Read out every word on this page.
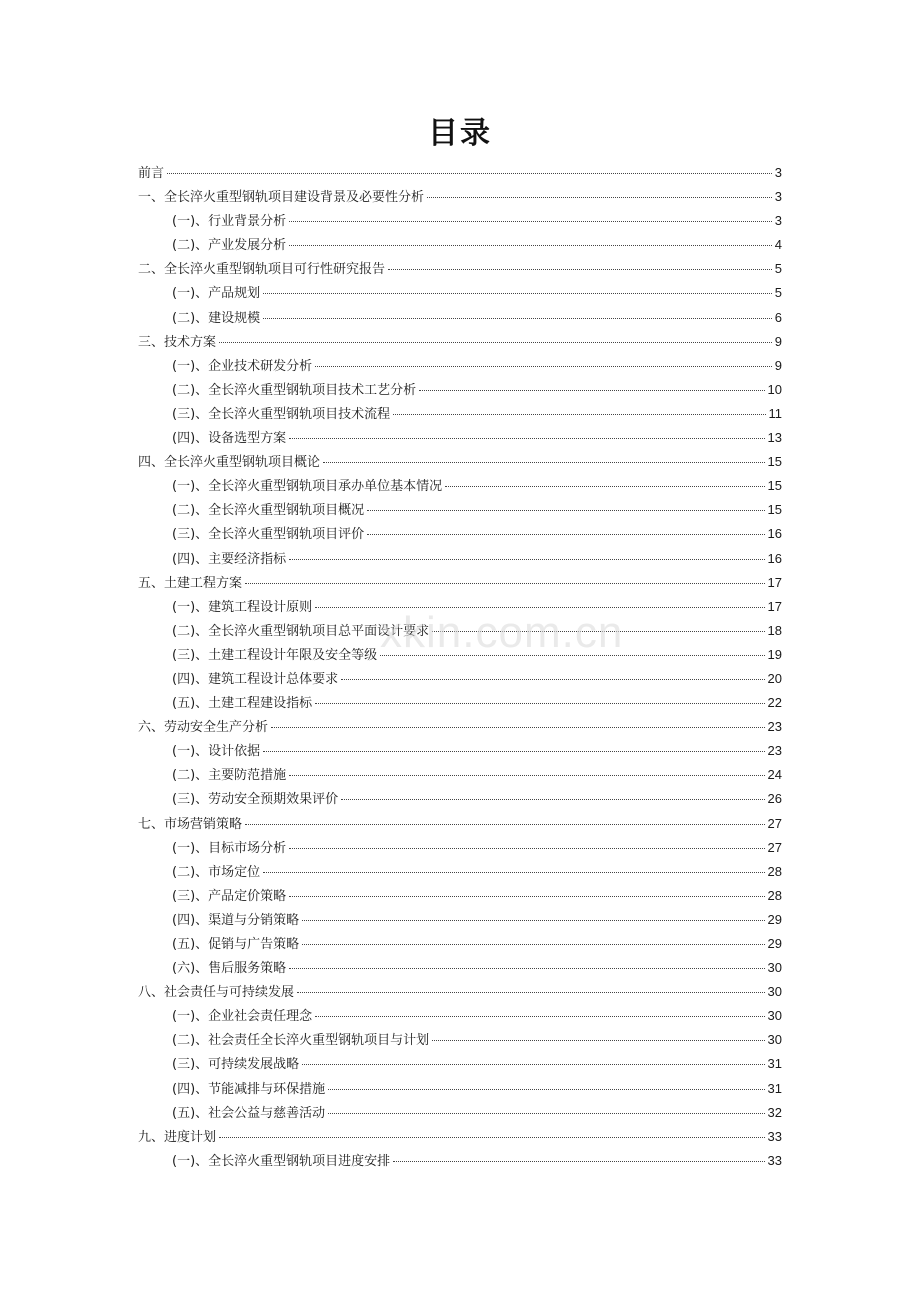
目录
前言	3
一、全长淬火重型钢轨项目建设背景及必要性分析	3
(一)、行业背景分析	3
(二)、产业发展分析	4
二、全长淬火重型钢轨项目可行性研究报告	5
(一)、产品规划	5
(二)、建设规模	6
三、技术方案	9
(一)、企业技术研发分析	9
(二)、全长淬火重型钢轨项目技术工艺分析	10
(三)、全长淬火重型钢轨项目技术流程	11
(四)、设备选型方案	13
四、全长淬火重型钢轨项目概论	15
(一)、全长淬火重型钢轨项目承办单位基本情况	15
(二)、全长淬火重型钢轨项目概况	15
(三)、全长淬火重型钢轨项目评价	16
(四)、主要经济指标	16
五、土建工程方案	17
(一)、建筑工程设计原则	17
(二)、全长淬火重型钢轨项目总平面设计要求	18
(三)、土建工程设计年限及安全等级	19
(四)、建筑工程设计总体要求	20
(五)、土建工程建设指标	22
六、劳动安全生产分析	23
(一)、设计依据	23
(二)、主要防范措施	24
(三)、劳动安全预期效果评价	26
七、市场营销策略	27
(一)、目标市场分析	27
(二)、市场定位	28
(三)、产品定价策略	28
(四)、渠道与分销策略	29
(五)、促销与广告策略	29
(六)、售后服务策略	30
八、社会责任与可持续发展	30
(一)、企业社会责任理念	30
(二)、社会责任全长淬火重型钢轨项目与计划	30
(三)、可持续发展战略	31
(四)、节能减排与环保措施	31
(五)、社会公益与慈善活动	32
九、进度计划	33
(一)、全长淬火重型钢轨项目进度安排	33
xkin.com.cn
